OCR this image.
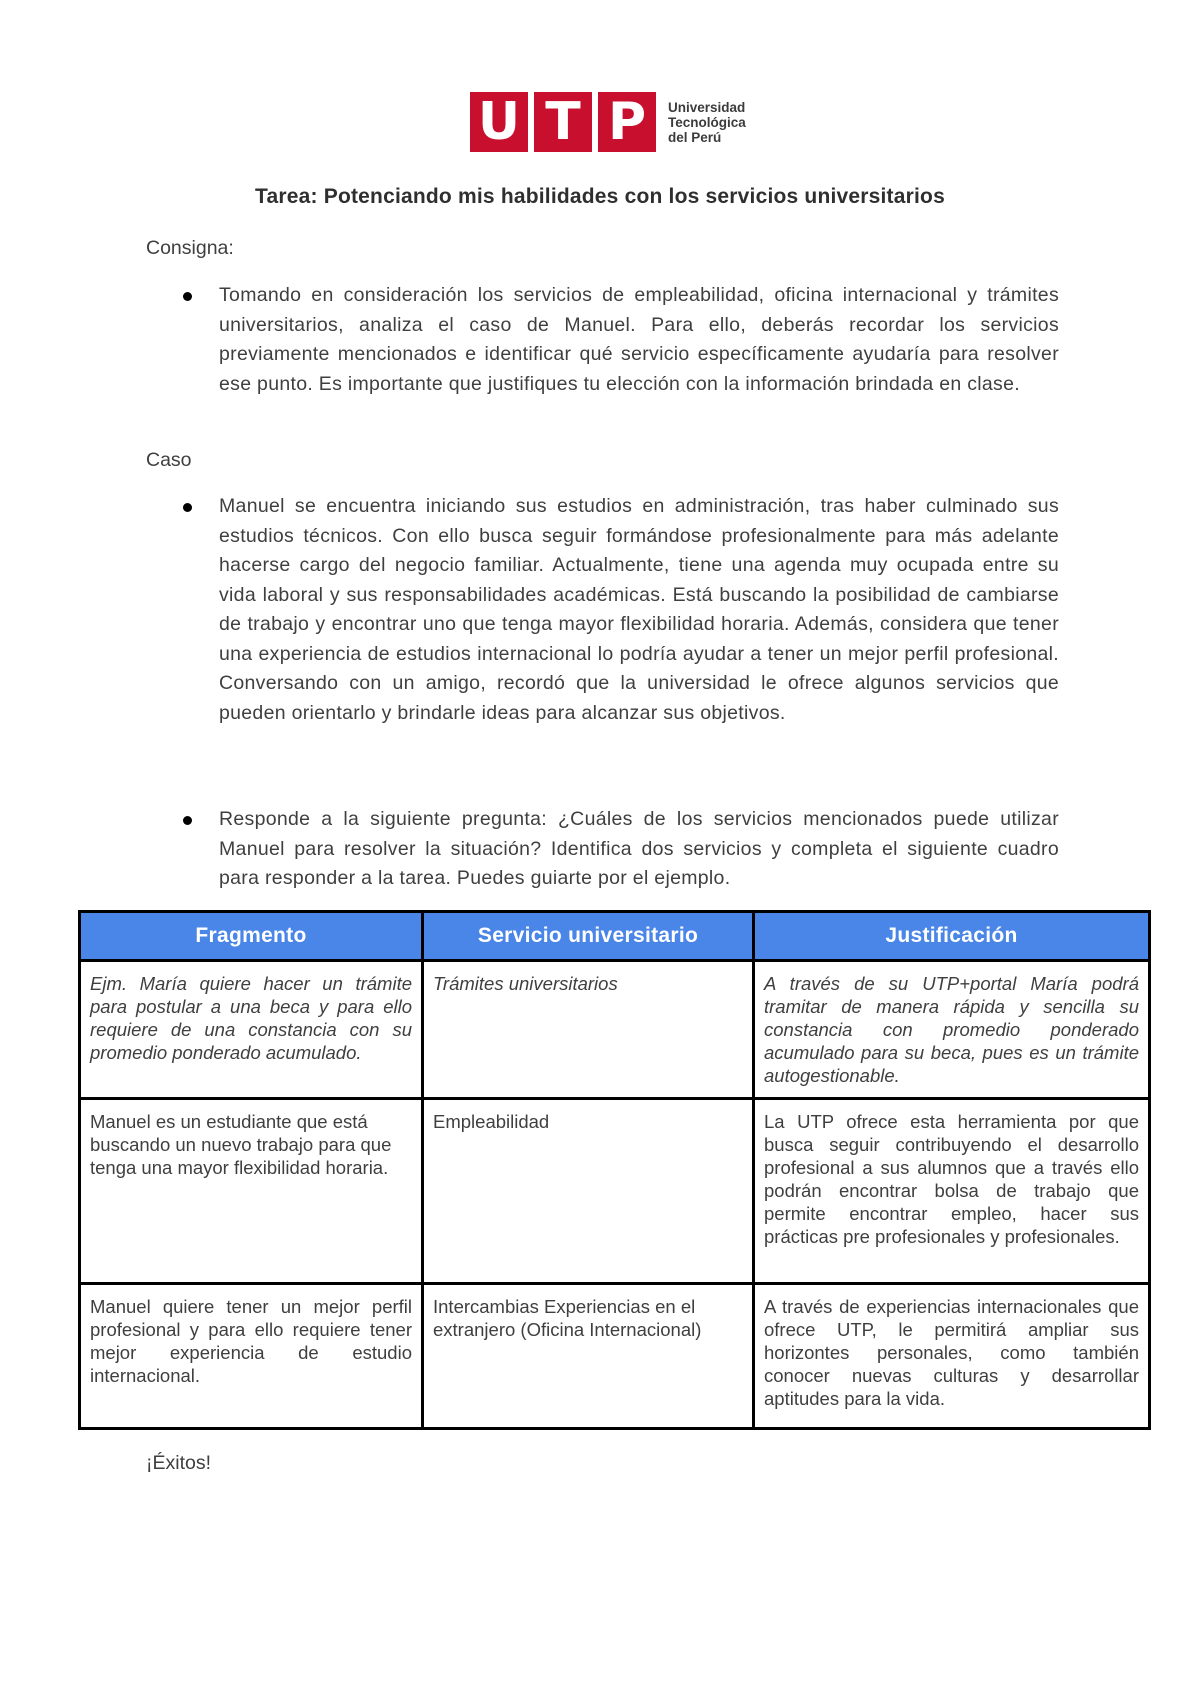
U T P	Universidad
Tecnológica
del Perú
Tarea: Potenciando mis habilidades con los servicios universitarios
Consigna:
Tomando en consideración los servicios de empleabilidad, oficina internacional y trámites universitarios, analiza el caso de Manuel. Para ello, deberás recordar los servicios previamente mencionados e identificar qué servicio específicamente ayudaría para resolver ese punto. Es importante que justifiques tu elección con la información brindada en clase.
Caso
Manuel se encuentra iniciando sus estudios en administración, tras haber culminado sus estudios técnicos. Con ello busca seguir formándose profesionalmente para más adelante hacerse cargo del negocio familiar. Actualmente, tiene una agenda muy ocupada entre su vida laboral y sus responsabilidades académicas. Está buscando la posibilidad de cambiarse de trabajo y encontrar uno que tenga mayor flexibilidad horaria. Además, considera que tener una experiencia de estudios internacional lo podría ayudar a tener un mejor perfil profesional. Conversando con un amigo, recordó que la universidad le ofrece algunos servicios que pueden orientarlo y brindarle ideas para alcanzar sus objetivos.
Responde a la siguiente pregunta: ¿Cuáles de los servicios mencionados puede utilizar Manuel para resolver la situación? Identifica dos servicios y completa el siguiente cuadro para responder a la tarea. Puedes guiarte por el ejemplo.
Fragmento	Servicio universitario	Justificación
Ejm. María quiere hacer un trámite para postular a una beca y para ello requiere de una constancia con su promedio ponderado acumulado.	Trámites universitarios	A través de su UTP+portal María podrá tramitar de manera rápida y sencilla su constancia con promedio ponderado acumulado para su beca, pues es un trámite autogestionable.
Manuel es un estudiante que está buscando un nuevo trabajo para que tenga una mayor flexibilidad horaria.	Empleabilidad	La UTP ofrece esta herramienta por que busca seguir contribuyendo el desarrollo profesional a sus alumnos que a través ello podrán encontrar bolsa de trabajo que permite encontrar empleo, hacer sus prácticas pre profesionales y profesionales.
Manuel quiere tener un mejor perfil profesional y para ello requiere tener mejor experiencia de estudio internacional.	Intercambias Experiencias en el extranjero (Oficina Internacional)	A través de experiencias internacionales que ofrece UTP, le permitirá ampliar sus horizontes personales, como también conocer nuevas culturas y desarrollar aptitudes para la vida.
¡Éxitos!
